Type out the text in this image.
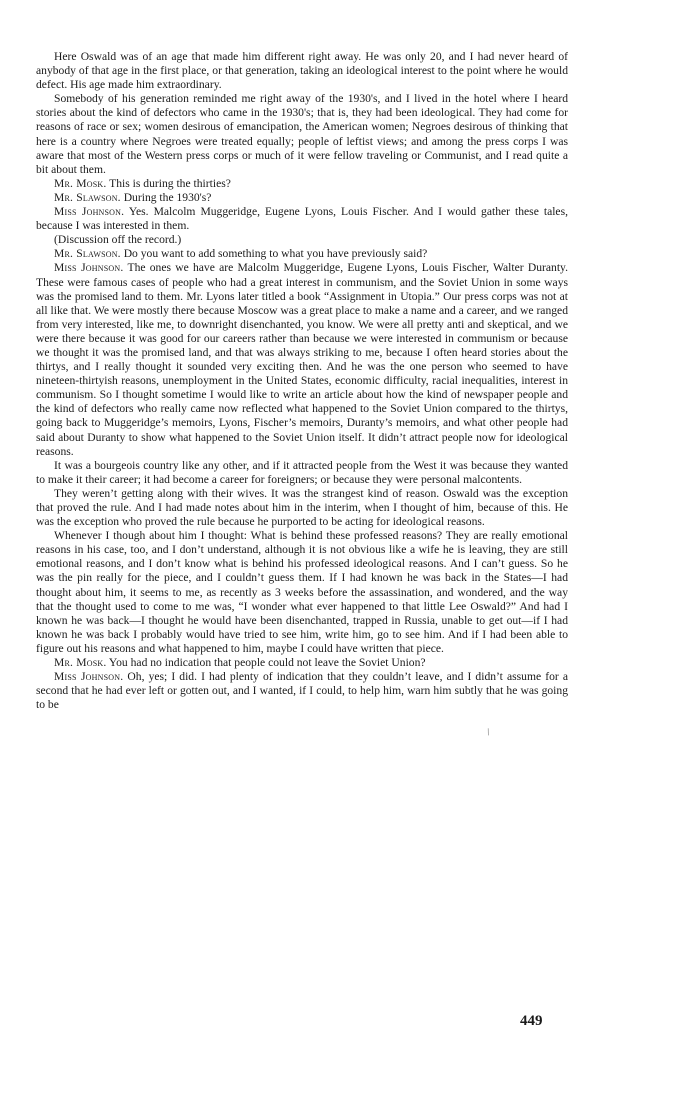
Here Oswald was of an age that made him different right away. He was only 20, and I had never heard of anybody of that age in the first place, or that generation, taking an ideological interest to the point where he would defect. His age made him extraordinary.

Somebody of his generation reminded me right away of the 1930's, and I lived in the hotel where I heard stories about the kind of defectors who came in the 1930's; that is, they had been ideological. They had come for reasons of race or sex; women desirous of emancipation, the American women; Negroes desirous of thinking that here is a country where Negroes were treated equally; people of leftist views; and among the press corps I was aware that most of the Western press corps or much of it were fellow traveling or Communist, and I read quite a bit about them.

Mr. Mosk. This is during the thirties?

Mr. Slawson. During the 1930's?

Miss Johnson. Yes. Malcolm Muggeridge, Eugene Lyons, Louis Fischer. And I would gather these tales, because I was interested in them.

(Discussion off the record.)

Mr. Slawson. Do you want to add something to what you have previously said?

Miss Johnson. The ones we have are Malcolm Muggeridge, Eugene Lyons, Louis Fischer, Walter Duranty. These were famous cases of people who had a great interest in communism, and the Soviet Union in some ways was the promised land to them. Mr. Lyons later titled a book “Assignment in Utopia.” Our press corps was not at all like that. We were mostly there because Moscow was a great place to make a name and a career, and we ranged from very interested, like me, to downright disenchanted, you know. We were all pretty anti and skeptical, and we were there because it was good for our careers rather than because we were interested in communism or because we thought it was the promised land, and that was always striking to me, because I often heard stories about the thirtys, and I really thought it sounded very exciting then. And he was the one person who seemed to have nineteen-thirtyish reasons, unemployment in the United States, economic difficulty, racial inequalities, interest in communism. So I thought sometime I would like to write an article about how the kind of newspaper people and the kind of defectors who really came now reflected what happened to the Soviet Union compared to the thirtys, going back to Muggeridge’s memoirs, Lyons, Fischer’s memoirs, Duranty’s memoirs, and what other people had said about Duranty to show what happened to the Soviet Union itself. It didn’t attract people now for ideological reasons.

It was a bourgeois country like any other, and if it attracted people from the West it was because they wanted to make it their career; it had become a career for foreigners; or because they were personal malcontents.

They weren’t getting along with their wives. It was the strangest kind of reason. Oswald was the exception that proved the rule. And I had made notes about him in the interim, when I thought of him, because of this. He was the exception who proved the rule because he purported to be acting for ideological reasons.

Whenever I though about him I thought: What is behind these professed reasons? They are really emotional reasons in his case, too, and I don’t understand, although it is not obvious like a wife he is leaving, they are still emotional reasons, and I don’t know what is behind his professed ideological reasons. And I can’t guess. So he was the pin really for the piece, and I couldn’t guess them. If I had known he was back in the States—I had thought about him, it seems to me, as recently as 3 weeks before the assassination, and wondered, and the way that the thought used to come to me was, “I wonder what ever happened to that little Lee Oswald?” And had I known he was back—I thought he would have been disenchanted, trapped in Russia, unable to get out—if I had known he was back I probably would have tried to see him, write him, go to see him. And if I had been able to figure out his reasons and what happened to him, maybe I could have written that piece.

Mr. Mosk. You had no indication that people could not leave the Soviet Union?

Miss Johnson. Oh, yes; I did. I had plenty of indication that they couldn’t leave, and I didn’t assume for a second that he had ever left or gotten out, and I wanted, if I could, to help him, warn him subtly that he was going to be

/
449
